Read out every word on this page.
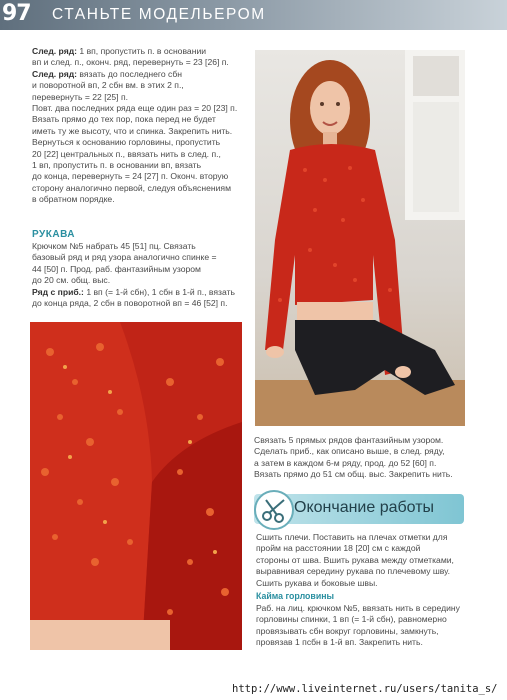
97 СТАНЬТЕ МОДЕЛЬЕРОМ

След. ряд: 1 вп, пропустить п. в основании

вп и след. п., оконч. ряд, перевернуть = 23 [26] п.

След. ряд: вязать до последнего сбн

и поворотной вп, 2 сбн вм. в этих 2 п.,

перевернуть = 22 [25] п.

Повт. два последних ряда еще один раз = 20 [23] п.

Вязать прямо до тех пор, пока перед не будет

иметь ту же высоту, что и спинка. Закрепить нить.

Вернуться к основанию горловины, пропустить

20 [22] центральных п., ввязать нить в след. п.,

1 вп, пропустить п. в основании вп, вязать

до конца, перевернуть = 24 [27] п. Оконч. вторую

сторону аналогично первой, следуя объяснениям

в обратном порядке.

РУКАВА

Крючком №5 набрать 45 [51] пц. Связать

базовый ряд и ряд узора аналогично спинке =

44 [50] п. Прод. раб. фантазийным узором

до 20 см. общ. выс.

Ряд с приб.: 1 вп (= 1-й сбн), 1 сбн в 1-й п., вязать

до конца ряда, 2 сбн в поворотной вп = 46 [52] п.

Связать 5 прямых рядов фантазийным узором.

Сделать приб., как описано выше, в след. ряду,

а затем в каждом 6-м ряду, прод. до 52 [60] п.

Вязать прямо до 51 см общ. выс. Закрепить нить.

Окончание работы

Сшить плечи. Поставить на плечах отметки для

пройм на расстоянии 18 [20] см с каждой

стороны от шва. Вшить рукава между отметками,

выравнивая середину рукава по плечевому шву.

Сшить рукава и боковые швы.

Кайма горловины

Раб. на лиц. крючком №5, ввязать нить в середину

горловины спинки, 1 вп (= 1-й сбн), равномерно

провязывать сбн вокруг горловины, замкнуть,

провязав 1 псбн в 1-й вп. Закрепить нить.

http://www.liveinternet.ru/users/tanita_s/
